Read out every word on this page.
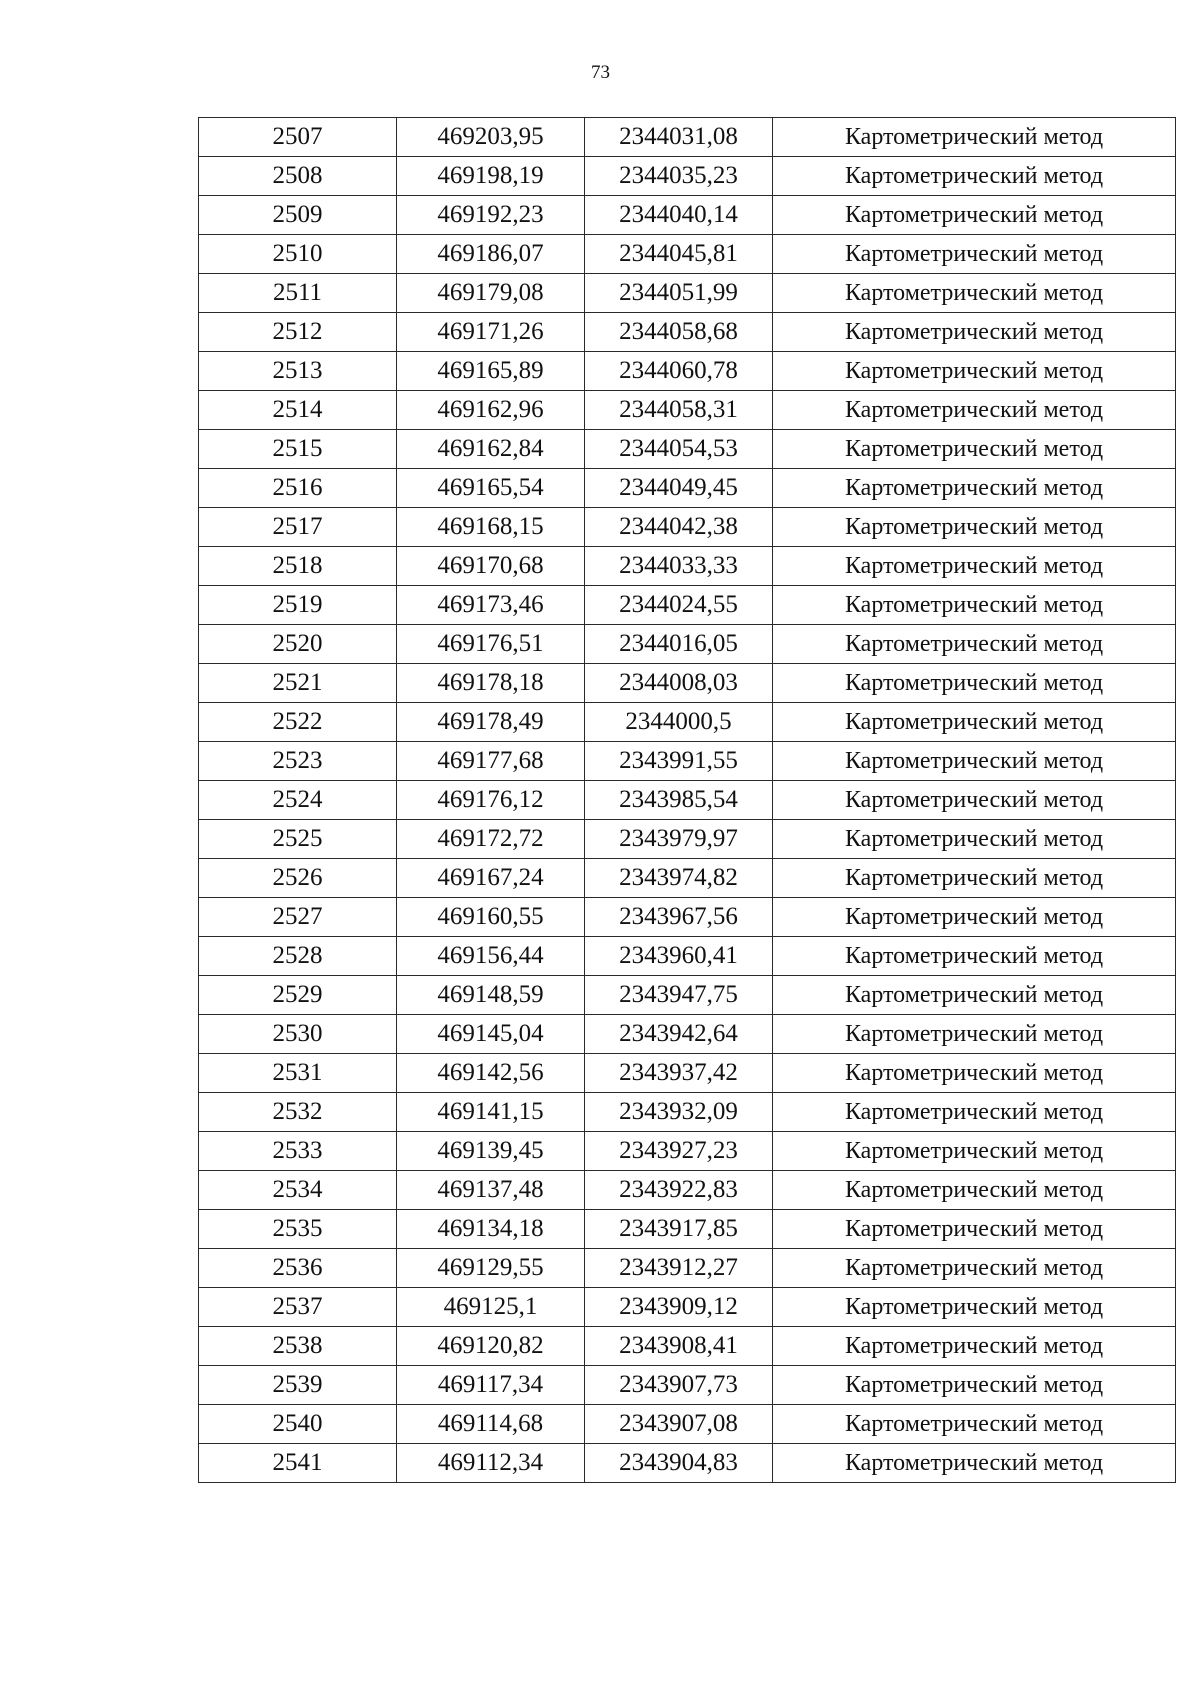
73
2507	469203,95	2344031,08	Картометрический метод
2508	469198,19	2344035,23	Картометрический метод
2509	469192,23	2344040,14	Картометрический метод
2510	469186,07	2344045,81	Картометрический метод
2511	469179,08	2344051,99	Картометрический метод
2512	469171,26	2344058,68	Картометрический метод
2513	469165,89	2344060,78	Картометрический метод
2514	469162,96	2344058,31	Картометрический метод
2515	469162,84	2344054,53	Картометрический метод
2516	469165,54	2344049,45	Картометрический метод
2517	469168,15	2344042,38	Картометрический метод
2518	469170,68	2344033,33	Картометрический метод
2519	469173,46	2344024,55	Картометрический метод
2520	469176,51	2344016,05	Картометрический метод
2521	469178,18	2344008,03	Картометрический метод
2522	469178,49	2344000,5	Картометрический метод
2523	469177,68	2343991,55	Картометрический метод
2524	469176,12	2343985,54	Картометрический метод
2525	469172,72	2343979,97	Картометрический метод
2526	469167,24	2343974,82	Картометрический метод
2527	469160,55	2343967,56	Картометрический метод
2528	469156,44	2343960,41	Картометрический метод
2529	469148,59	2343947,75	Картометрический метод
2530	469145,04	2343942,64	Картометрический метод
2531	469142,56	2343937,42	Картометрический метод
2532	469141,15	2343932,09	Картометрический метод
2533	469139,45	2343927,23	Картометрический метод
2534	469137,48	2343922,83	Картометрический метод
2535	469134,18	2343917,85	Картометрический метод
2536	469129,55	2343912,27	Картометрический метод
2537	469125,1	2343909,12	Картометрический метод
2538	469120,82	2343908,41	Картометрический метод
2539	469117,34	2343907,73	Картометрический метод
2540	469114,68	2343907,08	Картометрический метод
2541	469112,34	2343904,83	Картометрический метод
